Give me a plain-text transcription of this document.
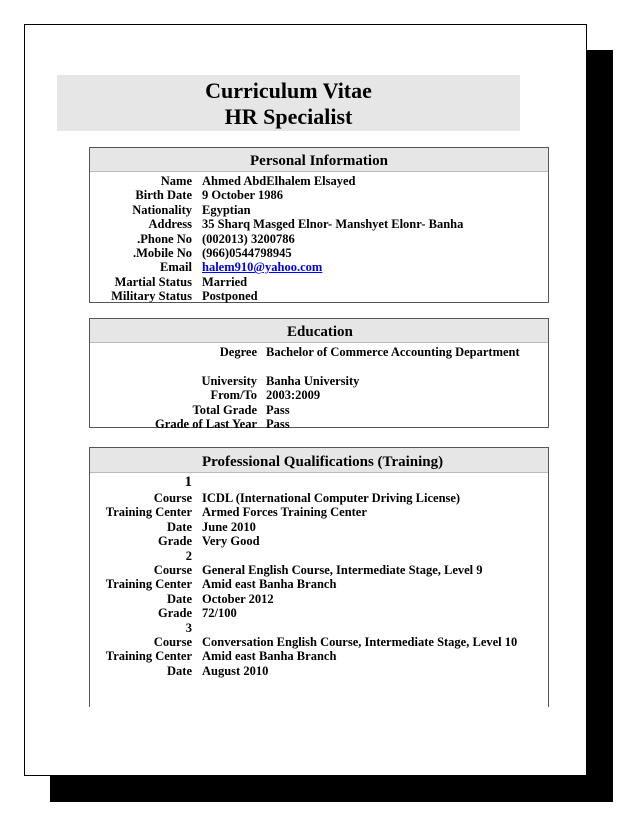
Curriculum Vitae
HR Specialist
Personal Information
Name Ahmed AbdElhalem Elsayed
Birth Date 9 October 1986
Nationality Egyptian
Address 35 Sharq Masged Elnor- Manshyet Elonr- Banha
.Phone No (002013) 3200786
.Mobile No (966)0544798945
Email halem910@yahoo.com
Martial Status Married
Military Status Postponed
Education
Degree Bachelor of Commerce Accounting Department
University Banha University
From/To 2003:2009
Total Grade Pass
Grade of Last Year Pass
Professional Qualifications (Training)
1
Course ICDL (International Computer Driving License)
Training Center Armed Forces Training Center
Date June 2010
Grade Very Good
2
Course General English Course, Intermediate Stage, Level 9
Training Center Amid east Banha Branch
Date October 2012
Grade 72/100
3
Course Conversation English Course, Intermediate Stage, Level 10
Training Center Amid east Banha Branch
Date August 2010
